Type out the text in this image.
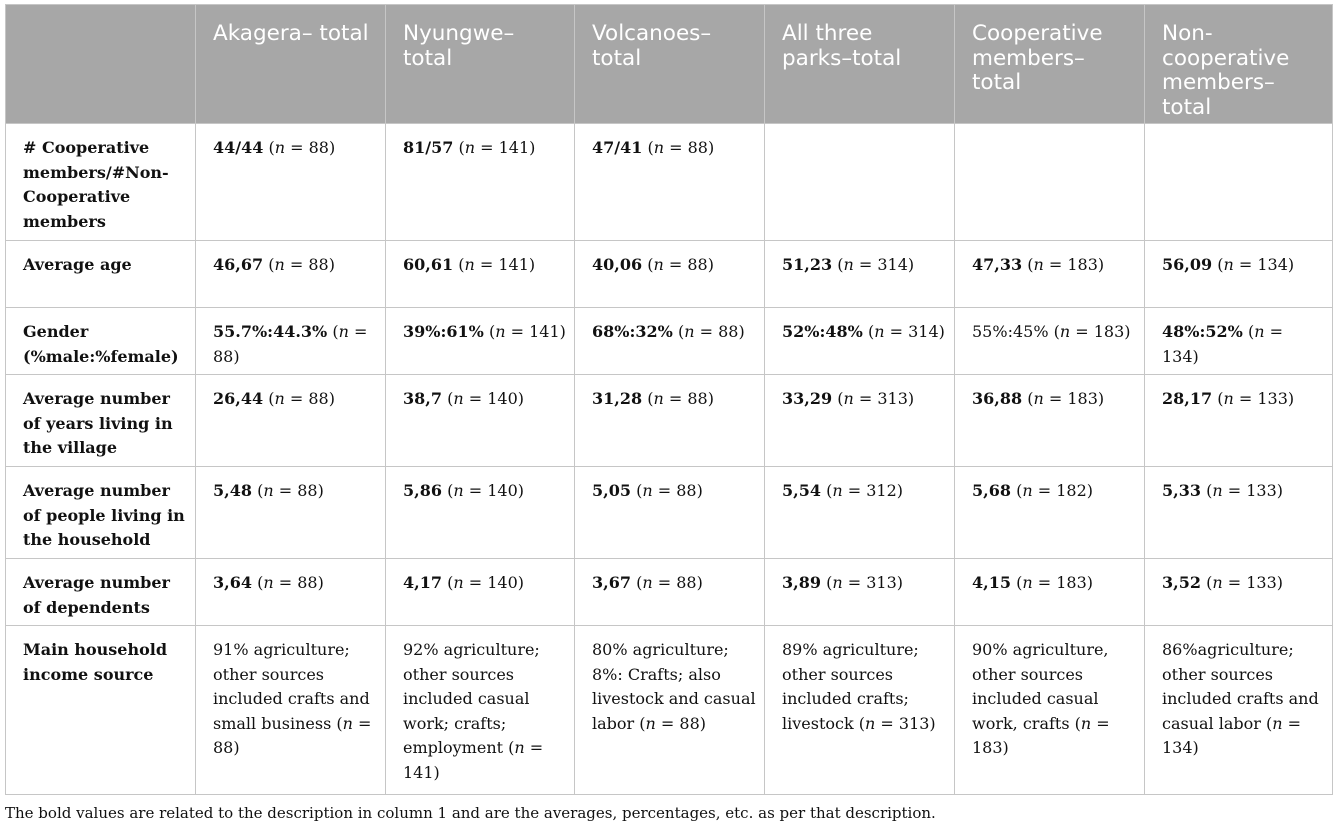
	Akagera– total	Nyungwe– total	Volcanoes– total	All three parks–total	Cooperative members– total	Non- cooperative members– total
# Cooperative members/#Non-Cooperative members	44/44 (n = 88)	81/57 (n = 141)	47/41 (n = 88)			
Average age	46,67 (n = 88)	60,61 (n = 141)	40,06 (n = 88)	51,23 (n = 314)	47,33 (n = 183)	56,09 (n = 134)
Gender (%male:%female)	55.7%:44.3% (n = 88)	39%:61% (n = 141)	68%:32% (n = 88)	52%:48% (n = 314)	55%:45% (n = 183)	48%:52% (n = 134)
Average number of years living in the village	26,44 (n = 88)	38,7 (n = 140)	31,28 (n = 88)	33,29 (n = 313)	36,88 (n = 183)	28,17 (n = 133)
Average number of people living in the household	5,48 (n = 88)	5,86 (n = 140)	5,05 (n = 88)	5,54 (n = 312)	5,68 (n = 182)	5,33 (n = 133)
Average number of dependents	3,64 (n = 88)	4,17 (n = 140)	3,67 (n = 88)	3,89 (n = 313)	4,15 (n = 183)	3,52 (n = 133)
Main household income source	91% agriculture; other sources included crafts and small business (n = 88)	92% agriculture; other sources included casual work; crafts; employment (n = 141)	80% agriculture; 8%: Crafts; also livestock and casual labor (n = 88)	89% agriculture; other sources included crafts; livestock (n = 313)	90% agriculture, other sources included casual work, crafts (n = 183)	86%agriculture; other sources included crafts and casual labor (n = 134)
The bold values are related to the description in column 1 and are the averages, percentages, etc. as per that description.
